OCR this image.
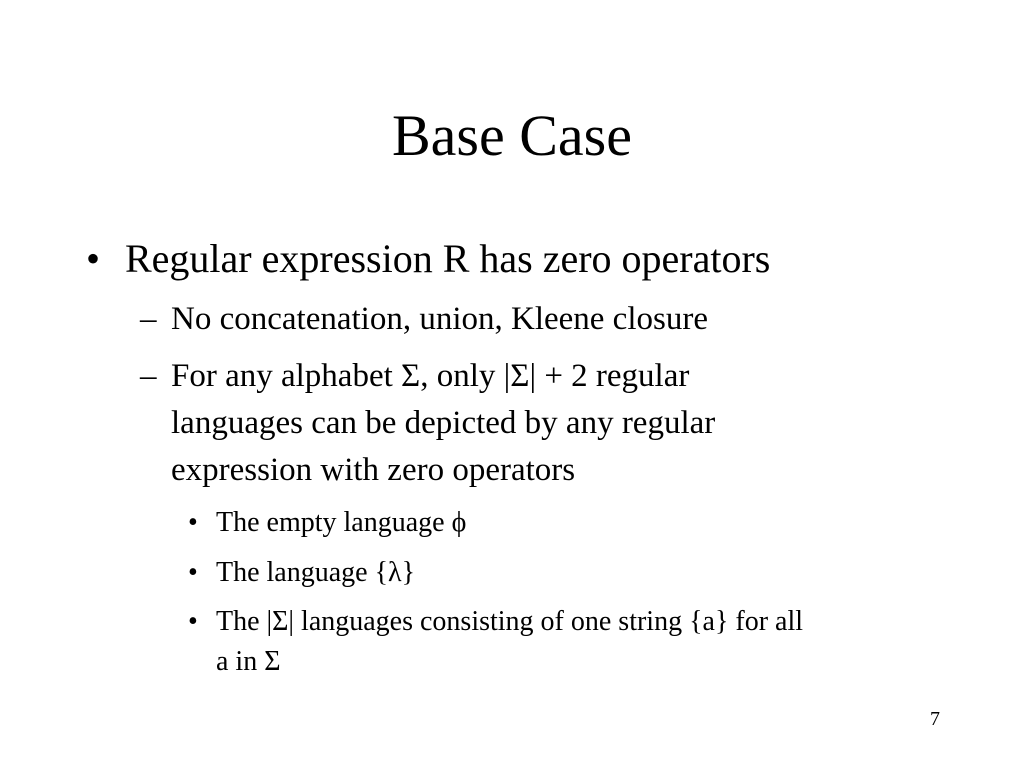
Base Case
• Regular expression R has zero operators

– No concatenation, union, Kleene closure

– For any alphabet Σ, only |Σ| + 2 regular

languages can be depicted by any regular

expression with zero operators

• The empty language ϕ

• The language {λ}

• The |Σ| languages consisting of one string {a} for all

a in Σ

7
